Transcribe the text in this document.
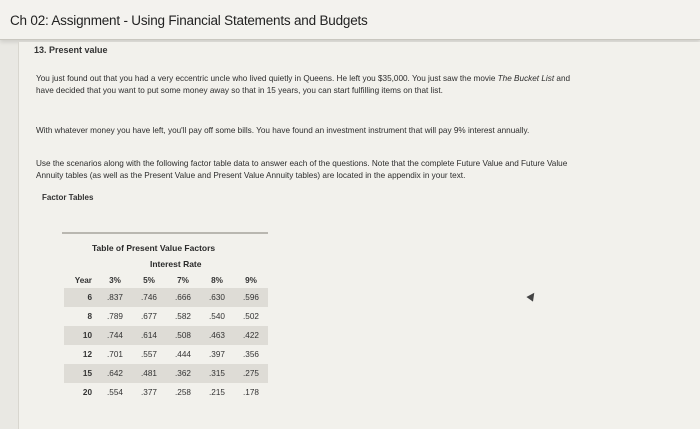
Ch 02: Assignment - Using Financial Statements and Budgets
13. Present value
You just found out that you had a very eccentric uncle who lived quietly in Queens. He left you $35,000. You just saw the movie The Bucket List and
have decided that you want to put some money away so that in 15 years, you can start fulfilling items on that list.
With whatever money you have left, you'll pay off some bills. You have found an investment instrument that will pay 9% interest annually.
Use the scenarios along with the following factor table data to answer each of the questions. Note that the complete Future Value and Future Value
Annuity tables (as well as the Present Value and Present Value Annuity tables) are located in the appendix in your text.
Factor Tables
Table of Present Value Factors
Interest Rate
Year	3%	5%	7%	8%	9%
6	.837	.746	.666	.630	.596
8	.789	.677	.582	.540	.502
10	.744	.614	.508	.463	.422
12	.701	.557	.444	.397	.356
15	.642	.481	.362	.315	.275
20	.554	.377	.258	.215	.178
